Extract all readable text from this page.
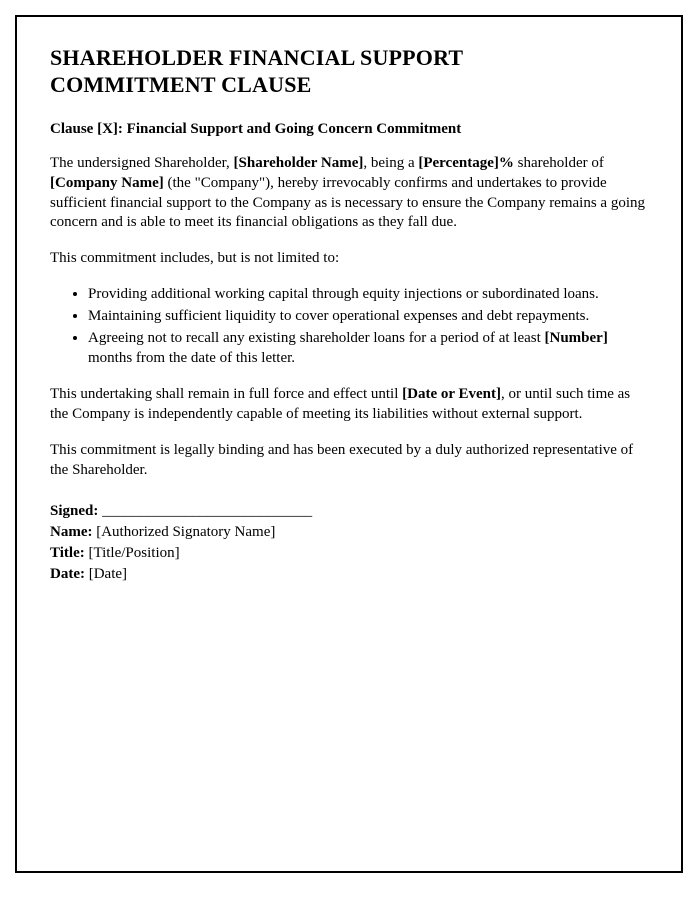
SHAREHOLDER FINANCIAL SUPPORT COMMITMENT CLAUSE
Clause [X]: Financial Support and Going Concern Commitment

The undersigned Shareholder, [Shareholder Name], being a [Percentage]% shareholder of [Company Name] (the "Company"), hereby irrevocably confirms and undertakes to provide sufficient financial support to the Company as is necessary to ensure the Company remains a going concern and is able to meet its financial obligations as they fall due.

This commitment includes, but is not limited to:

• Providing additional working capital through equity injections or subordinated loans.
• Maintaining sufficient liquidity to cover operational expenses and debt repayments.
• Agreeing not to recall any existing shareholder loans for a period of at least [Number] months from the date of this letter.

This undertaking shall remain in full force and effect until [Date or Event], or until such time as the Company is independently capable of meeting its liabilities without external support.

This commitment is legally binding and has been executed by a duly authorized representative of the Shareholder.

Signed: ____________________________

Name: [Authorized Signatory Name]

Title: [Title/Position]

Date: [Date]
